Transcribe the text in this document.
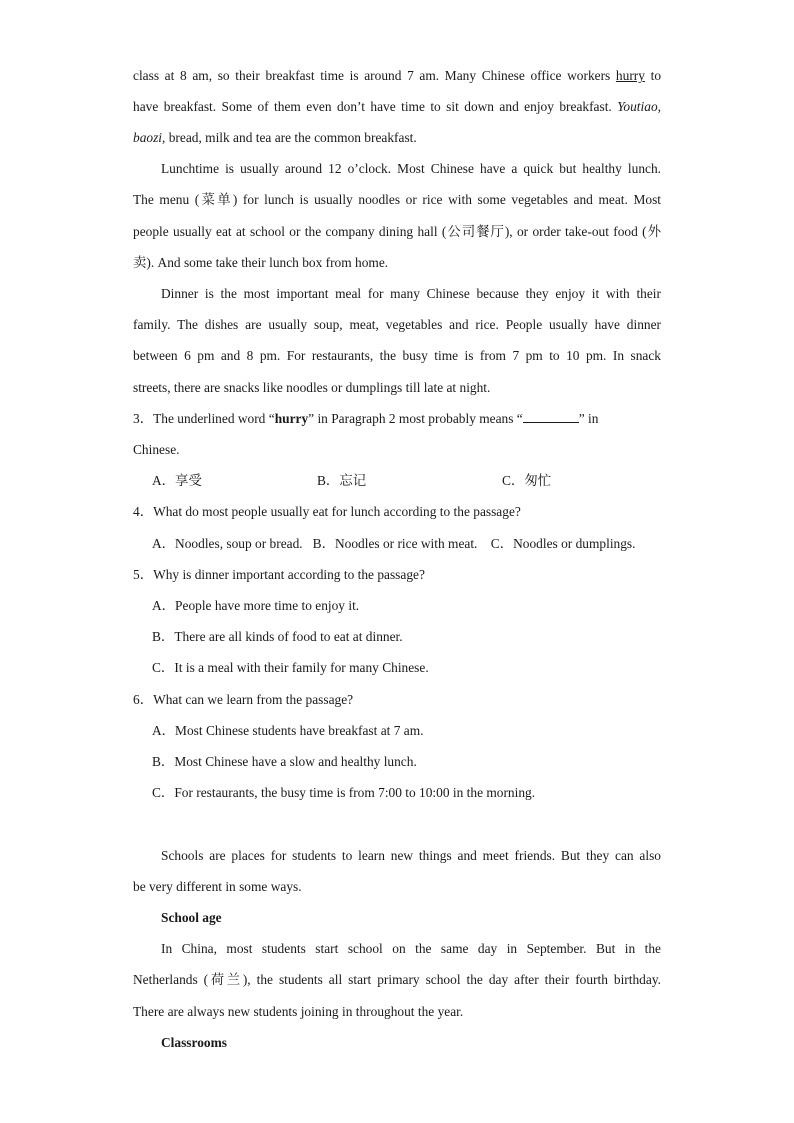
class at 8 am, so their breakfast time is around 7 am. Many Chinese office workers hurry to
have breakfast. Some of them even don’t have time to sit down and enjoy breakfast. Youtiao,
baozi, bread, milk and tea are the common breakfast.
Lunchtime is usually around 12 o’clock. Most Chinese have a quick but healthy lunch.
The menu (菜单) for lunch is usually noodles or rice with some vegetables and meat. Most
people usually eat at school or the company dining hall (公司餐厅), or order take-out food (外
卖). And some take their lunch box from home.
Dinner is the most important meal for many Chinese because they enjoy it with their
family. The dishes are usually soup, meat, vegetables and rice. People usually have dinner
between 6 pm and 8 pm. For restaurants, the busy time is from 7 pm to 10 pm. In snack
streets, there are snacks like noodles or dumplings till late at night.
3．The underlined word “hurry” in Paragraph 2 most probably means “	” in
Chinese.
A．享受	B．忘记	C．匆忙
4．What do most people usually eat for lunch according to the passage?
A．Noodles, soup or bread.   B．Noodles or rice with meat.    C．Noodles or dumplings.
5．Why is dinner important according to the passage?
A．People have more time to enjoy it.
B．There are all kinds of food to eat at dinner.
C．It is a meal with their family for many Chinese.
6．What can we learn from the passage?
A．Most Chinese students have breakfast at 7 am.
B．Most Chinese have a slow and healthy lunch.
C．For restaurants, the busy time is from 7:00 to 10:00 in the morning.
Schools are places for students to learn new things and meet friends. But they can also
be very different in some ways.
School age
In China, most students start school on the same day in September. But in the
Netherlands (荷兰), the students all start primary school the day after their fourth birthday.
There are always new students joining in throughout the year.
Classrooms
